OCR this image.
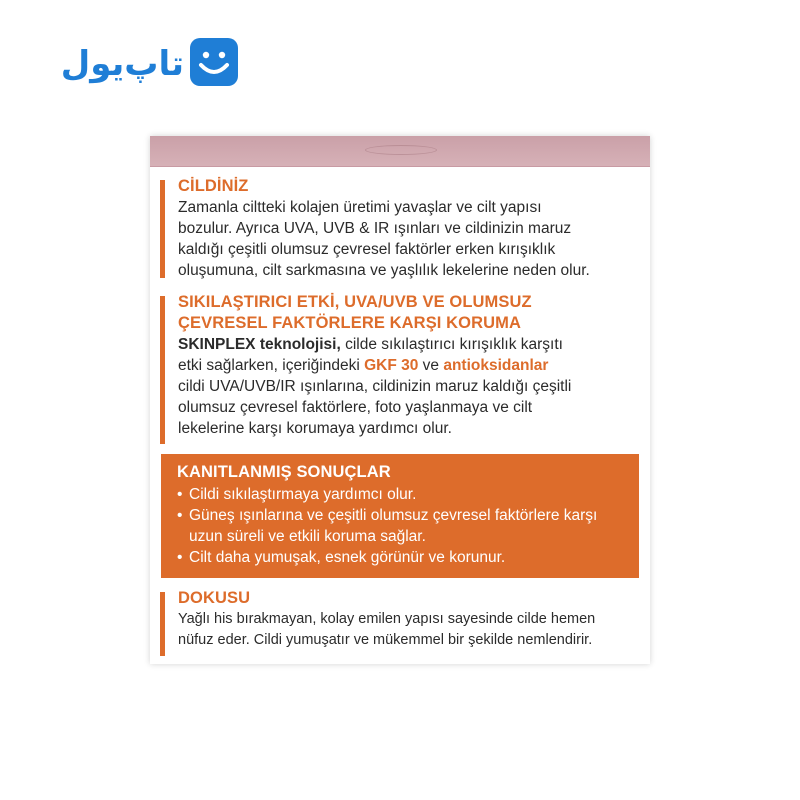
تاپ‌یول
CİLDİNİZ
Zamanla ciltteki kolajen üretimi yavaşlar ve cilt yapısı
bozulur. Ayrıca UVA, UVB & IR ışınları ve cildinizin maruz
kaldığı çeşitli olumsuz çevresel faktörler erken kırışıklık
oluşumuna, cilt sarkmasına ve yaşlılık lekelerine neden olur.
SIKILAŞTIRICI ETKİ, UVA/UVB VE OLUMSUZ
ÇEVRESEL FAKTÖRLERE KARŞI KORUMA
SKINPLEX teknolojisi, cilde sıkılaştırıcı kırışıklık karşıtı
etki sağlarken, içeriğindeki GKF 30 ve antioksidanlar
cildi UVA/UVB/IR ışınlarına, cildinizin maruz kaldığı çeşitli
olumsuz çevresel faktörlere, foto yaşlanmaya ve cilt
lekelerine karşı korumaya yardımcı olur.
KANITLANMIŞ SONUÇLAR
• Cildi sıkılaştırmaya yardımcı olur.
• Güneş ışınlarına ve çeşitli olumsuz çevresel faktörlere karşı uzun süreli ve etkili koruma sağlar.
• Cilt daha yumuşak, esnek görünür ve korunur.
DOKUSU
Yağlı his bırakmayan, kolay emilen yapısı sayesinde cilde hemen
nüfuz eder. Cildi yumuşatır ve mükemmel bir şekilde nemlendirir.
